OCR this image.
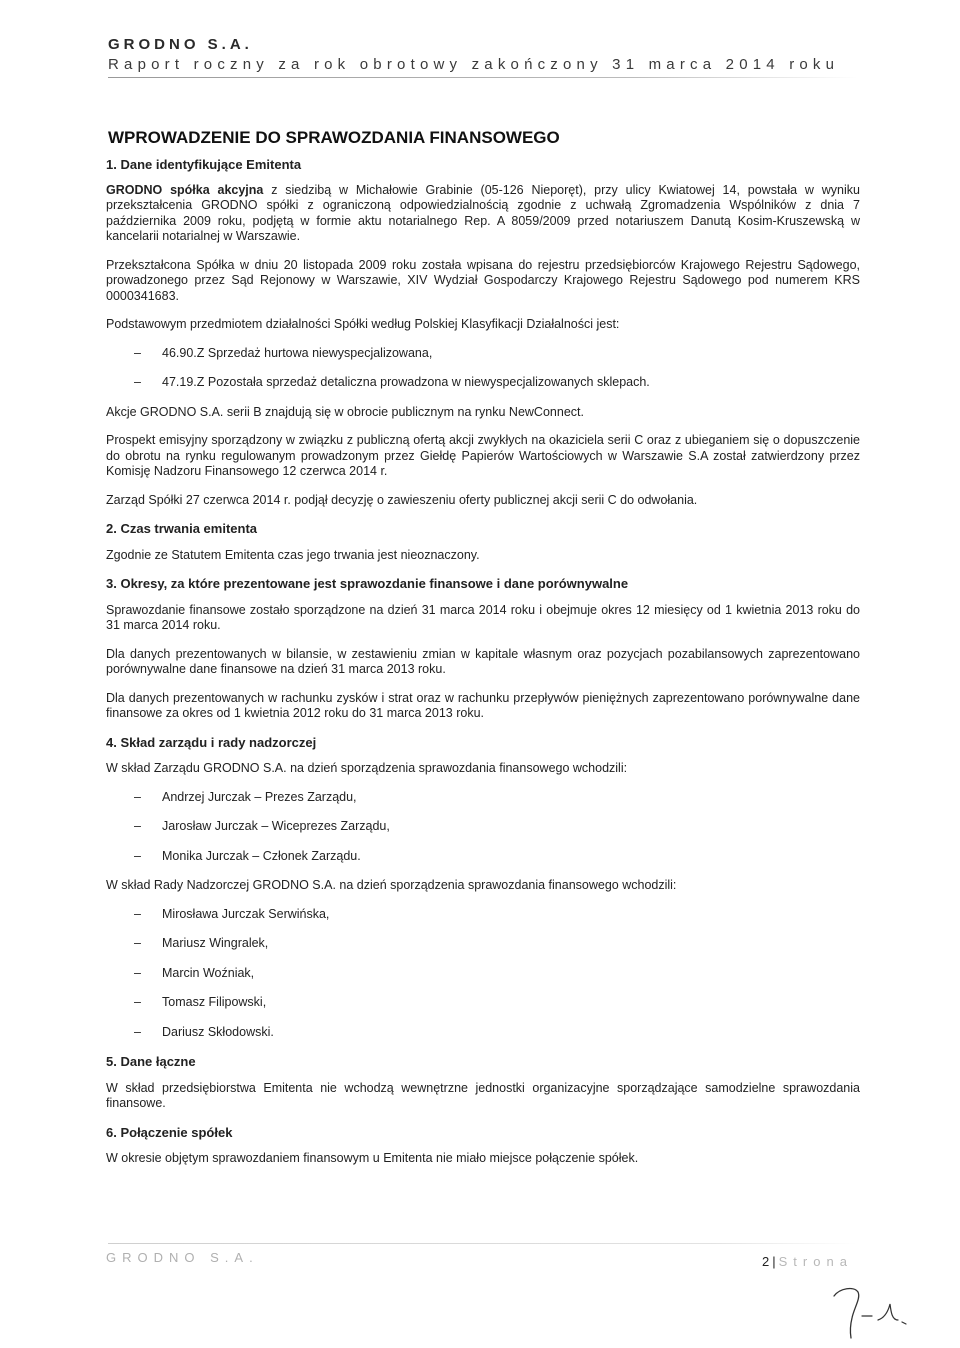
GRODNO S.A.
Raport roczny za rok obrotowy zakończony 31 marca 2014 roku
WPROWADZENIE DO SPRAWOZDANIA FINANSOWEGO
1. Dane identyfikujące Emitenta

GRODNO spółka akcyjna z siedzibą w Michałowie Grabinie (05-126 Nieporęt), przy ulicy Kwiatowej 14, powstała w wyniku przekształcenia GRODNO spółki z ograniczoną odpowiedzialnością zgodnie z uchwałą Zgromadzenia Wspólników z dnia 7 października 2009 roku, podjętą w formie aktu notarialnego Rep. A 8059/2009 przed notariuszem Danutą Kosim-Kruszewską w kancelarii notarialnej w Warszawie.

Przekształcona Spółka w dniu 20 listopada 2009 roku została wpisana do rejestru przedsiębiorców Krajowego Rejestru Sądowego, prowadzonego przez Sąd Rejonowy w Warszawie, XIV Wydział Gospodarczy Krajowego Rejestru Sądowego pod numerem KRS 0000341683.

Podstawowym przedmiotem działalności Spółki według Polskiej Klasyfikacji Działalności jest:

– 46.90.Z Sprzedaż hurtowa niewyspecjalizowana,
– 47.19.Z Pozostała sprzedaż detaliczna prowadzona w niewyspecjalizowanych sklepach.

Akcje GRODNO S.A. serii B znajdują się w obrocie publicznym na rynku NewConnect.

Prospekt emisyjny sporządzony w związku z publiczną ofertą akcji zwykłych na okaziciela serii C oraz z ubieganiem się o dopuszczenie do obrotu na rynku regulowanym prowadzonym przez Giełdę Papierów Wartościowych w Warszawie S.A został zatwierdzony przez Komisję Nadzoru Finansowego 12 czerwca 2014 r.

Zarząd Spółki 27 czerwca 2014 r. podjął decyzję o zawieszeniu oferty publicznej akcji serii C do odwołania.

2. Czas trwania emitenta

Zgodnie ze Statutem Emitenta czas jego trwania jest nieoznaczony.

3. Okresy, za które prezentowane jest sprawozdanie finansowe i dane porównywalne

Sprawozdanie finansowe zostało sporządzone na dzień 31 marca 2014 roku i obejmuje okres 12 miesięcy od 1 kwietnia 2013 roku do 31 marca 2014 roku.

Dla danych prezentowanych w bilansie, w zestawieniu zmian w kapitale własnym oraz pozycjach pozabilansowych zaprezentowano porównywalne dane finansowe na dzień 31 marca 2013 roku.

Dla danych prezentowanych w rachunku zysków i strat oraz w rachunku przepływów pieniężnych zaprezentowano porównywalne dane finansowe za okres od 1 kwietnia 2012 roku do 31 marca 2013 roku.

4. Skład zarządu i rady nadzorczej

W skład Zarządu GRODNO S.A. na dzień sporządzenia sprawozdania finansowego wchodzili:

– Andrzej Jurczak – Prezes Zarządu,
– Jarosław Jurczak – Wiceprezes Zarządu,
– Monika Jurczak – Członek Zarządu.

W skład Rady Nadzorczej GRODNO S.A. na dzień sporządzenia sprawozdania finansowego wchodzili:

– Mirosława Jurczak Serwińska,
– Mariusz Wingralek,
– Marcin Woźniak,
– Tomasz Filipowski,
– Dariusz Skłodowski.
5. Dane łączne

W skład przedsiębiorstwa Emitenta nie wchodzą wewnętrzne jednostki organizacyjne sporządzające samodzielne sprawozdania finansowe.

6. Połączenie spółek

W okresie objętym sprawozdaniem finansowym u Emitenta nie miało miejsce połączenie spółek.

GRODNO S.A.	2 | Strona
